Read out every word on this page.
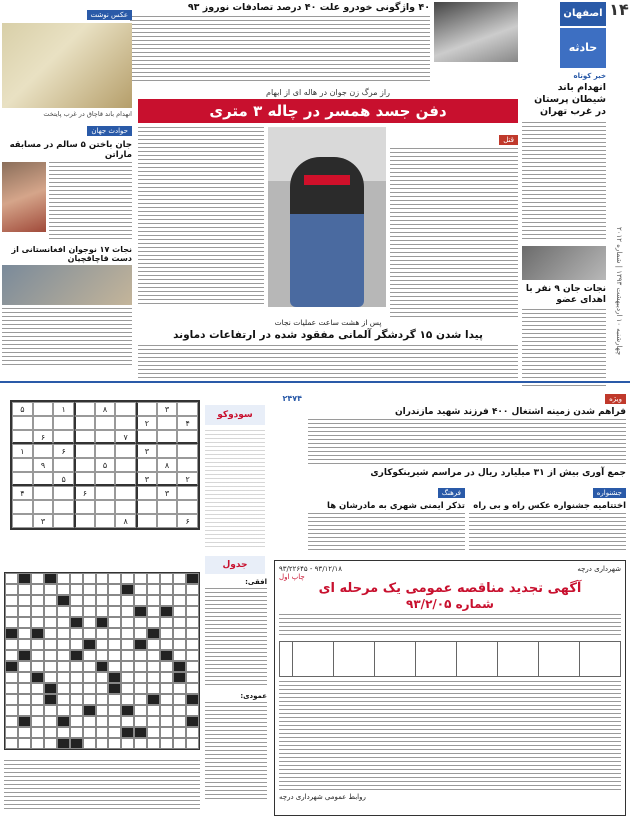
۱۴
چهارشنبه ۱۰ اردیبهشت ۱۳۹۳ | شماره ۲۰۱۲
اصفهان
حادثه
خبر کوتاه
انهدام باند شیطان پرستان در غرب تهران
نجات جان ۹ نفر با اهدای عضو
۴۰ واژگونی خودرو علت ۴۰ درصد تصادفات نوروز ۹۳
عکس نوشت
انهدام باند قاچاق در غرب پایتخت
حوادث جهان
جان باختن ۵ سالم در مسابقه ماراتن
نجات ۱۷ نوجوان افغانستانی از دست قاچاقچیان
راز مرگ زن جوان در هاله ای از ابهام
دفن جسد همسر در چاله ۳ متری
قتل
پس از هشت ساعت عملیات نجات
پیدا شدن ۱۵ گردشگر آلمانی مفقود شده در ارتفاعات دماوند
ویژه
فراهم شدن زمینه اشتغال ۴۰۰ فرزند شهید مازندران
جمع آوری بیش از ۳۱ میلیارد ریال در مراسم شیرینکوکاری
جشنواره
اختتامیه جشنواره عکس راه و بی راه
فرهنگ
تذکر ایمنی شهری به مادرشان ها
۲۴۷۴
۳
۸
۱
۵
۴
۲
۷
۶
۳
۶
۱
۸
۵
۹
۲
۳
۵
۳
۶
۴
۶
۸
۳
سودوکو
جدول
افقی:
عمودی:
شهرداری درچه
۹۳/۱۲/۱۸ - ۹۳/۲۲۶۴۵
چاپ اول
آگهی تجدید مناقصه عمومی یک مرحله ای
شماره ۹۳/۲/۰۵
روابط عمومی شهرداری درچه
